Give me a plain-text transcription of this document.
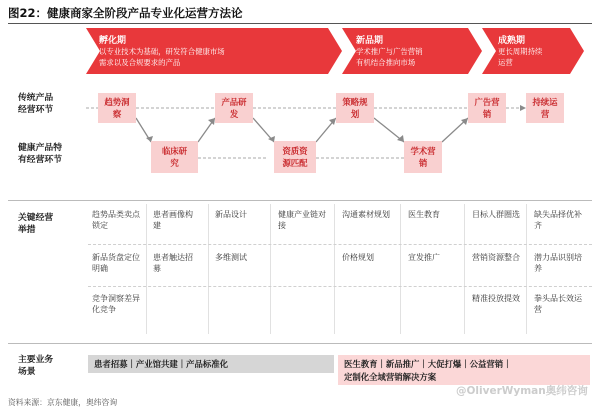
图22：健康商家全阶段产品专业化运营方法论
孵化期
以专业技术为基础，研发符合健康市场
需求以及合规要求的产品
新品期
学术推广与广告营销
有机结合推向市场
成熟期
更长周期持续
运营
传统产品
经营环节
健康产品特
有经营环节
趋势洞察
临床研究
产品研发
资质资源匹配
策略规划
学术营销
广告营销
持续运营
关键经营
举措
趋势品类卖点锁定
新品货盘定位明确
竞争洞察差异化竞争
患者画像构建
患者触达招募
新品设计
多维测试
健康产业链对接
沟通素材规划
价格规划
医生教育
宣发推广
目标人群圈选
营销资源整合
精准投放提效
缺失品择优补齐
潜力品识别培养
拳头品长效运营
主要业务
场景
患者招募｜产业馆共建｜产品标准化	医生教育｜新品推广｜大促打爆｜公益营销｜
定制化全域营销解决方案
资料来源：京东健康，奥纬咨询
@OliverWyman奥纬咨询
